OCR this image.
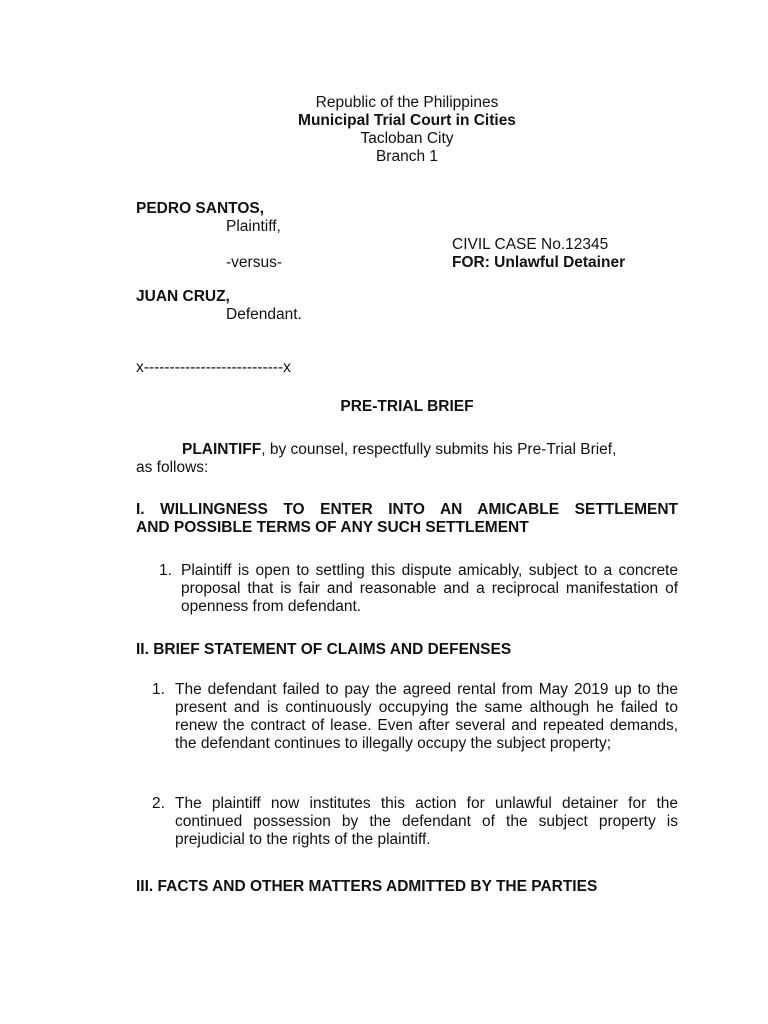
Republic of the Philippines
Municipal Trial Court in Cities
Tacloban City
Branch 1
PEDRO SANTOS,
Plaintiff,
CIVIL CASE No.12345
-versus-	FOR: Unlawful Detainer
JUAN CRUZ,
Defendant.
x---------------------------x
PRE-TRIAL BRIEF
PLAINTIFF, by counsel, respectfully submits his Pre-Trial Brief,
as follows:
I. WILLINGNESS TO ENTER INTO AN AMICABLE SETTLEMENT
AND POSSIBLE TERMS OF ANY SUCH SETTLEMENT
1. Plaintiff is open to settling this dispute amicably, subject to a concrete proposal that is fair and reasonable and a reciprocal manifestation of openness from defendant.
II. BRIEF STATEMENT OF CLAIMS AND DEFENSES
1. The defendant failed to pay the agreed rental from May 2019 up to the present and is continuously occupying the same although he failed to renew the contract of lease. Even after several and repeated demands, the defendant continues to illegally occupy the subject property;
2. The plaintiff now institutes this action for unlawful detainer for the continued possession by the defendant of the subject property is prejudicial to the rights of the plaintiff.
III. FACTS AND OTHER MATTERS ADMITTED BY THE PARTIES
